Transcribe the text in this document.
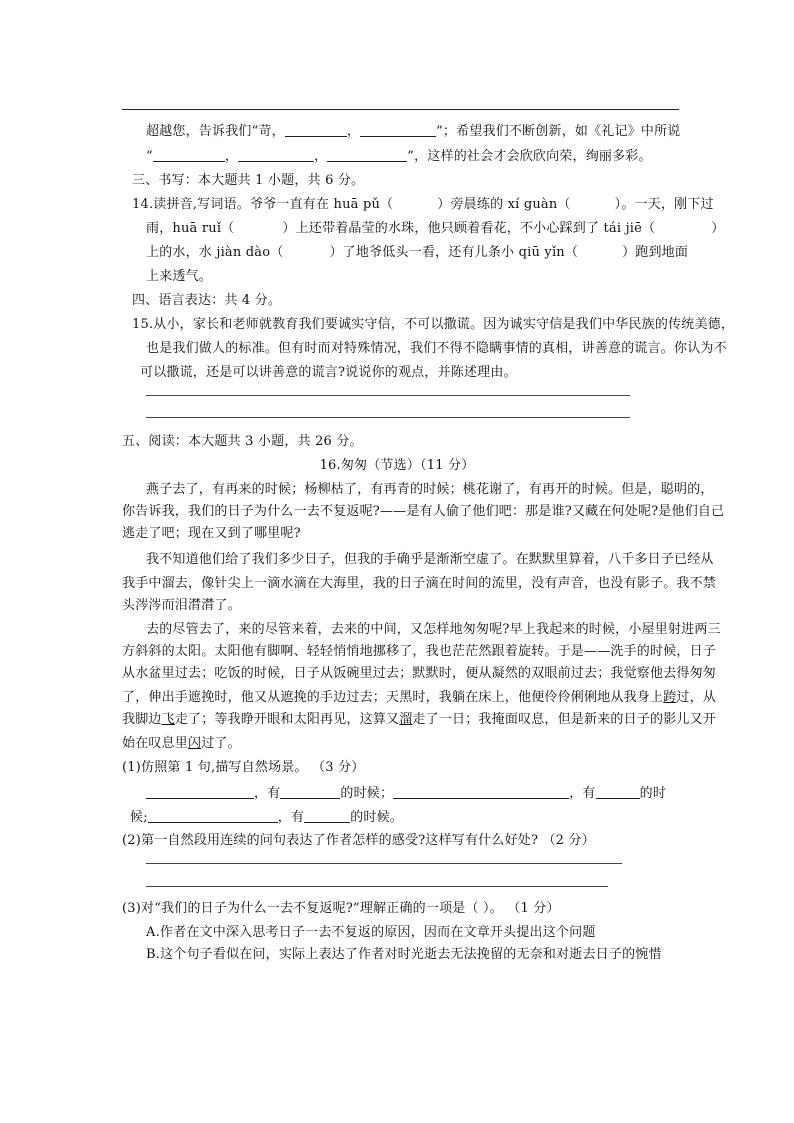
超越您，告诉我们“苛，	，	”；希望我们不断创新，如《礼记》中所说
“	，	，	”，这样的社会才会欣欣向荣，绚丽多彩。
三、书写：本大题共 1 小题，共 6 分。
14.读拼音,写词语。爷爷一直有在 huā pǔ（	）旁晨练的 xí guàn（	）。一天，刚下过
雨，huā ruǐ（	）上还带着晶莹的水珠，他只顾着看花，不小心踩到了 tái jiē（	）
上的水，水 jiàn dào（	）了地爷低头一看，还有儿条小 qiū yǐn（	）跑到地面
上来透气。
四、语言表达：共 4 分。
15.从小，家长和老师就教育我们要诚实守信，不可以撒谎。因为诚实守信是我们中华民族的传统美德，
也是我们做人的标准。但有时而对特殊情况，我们不得不隐瞒事情的真相，讲善意的谎言。你认为不
可以撒谎，还是可以讲善意的谎言?说说你的观点，并陈述理由。
五、阅读：本大题共 3 小题，共 26 分。
16.匆匆（节选）（11 分）
燕子去了，有再来的时候；杨柳枯了，有再青的时候；桃花谢了，有再开的时候。但是，聪明的，
你告诉我，我们的日子为什么一去不复返呢?——是有人偷了他们吧：那是谁?又藏在何处呢?是他们自己
逃走了吧；现在又到了哪里呢?
我不知道他们给了我们多少日子，但我的手确乎是渐渐空虚了。在默默里算着，八千多日子已经从
我手中溜去，像针尖上一滴水滴在大海里，我的日子滴在时间的流里，没有声音，也没有影子。我不禁
头涔涔而泪潸潸了。
去的尽管去了，来的尽管来着，去来的中间，又怎样地匆匆呢?早上我起来的时候，小屋里射进两三
方斜斜的太阳。太阳他有脚啊、轻轻悄悄地挪移了，我也茫茫然跟着旋转。于是——洗手的时候，日子
从水盆里过去；吃饭的时候，日子从饭碗里过去；默默时，便从凝然的双眼前过去；我觉察他去得匆匆
了，伸出手遮挽时，他又从遮挽的手边过去；天黑时，我躺在床上，他便伶伶俐俐地从我身上跨过，从
我脚边飞走了；等我睁开眼和太阳再见，这算又溜走了一日；我掩面叹息，但是新来的日子的影儿又开
始在叹息里闪过了。
(1)仿照第 1 句,描写自然场景。 （3 分）
，有	的时候；	，有	的时
候;	，有	的时候。
(2)第一自然段用连续的问句表达了作者怎样的感受?这样写有什么好处? （2 分）
(3)对“我们的日子为什么一去不复返呢?”理解正确的一项是（ ）。 （1 分）
A.作者在文中深入思考日子一去不复返的原因，因而在文章开头提出这个问题
B.这个句子看似在问，实际上表达了作者对时光逝去无法挽留的无奈和对逝去日子的惋惜
